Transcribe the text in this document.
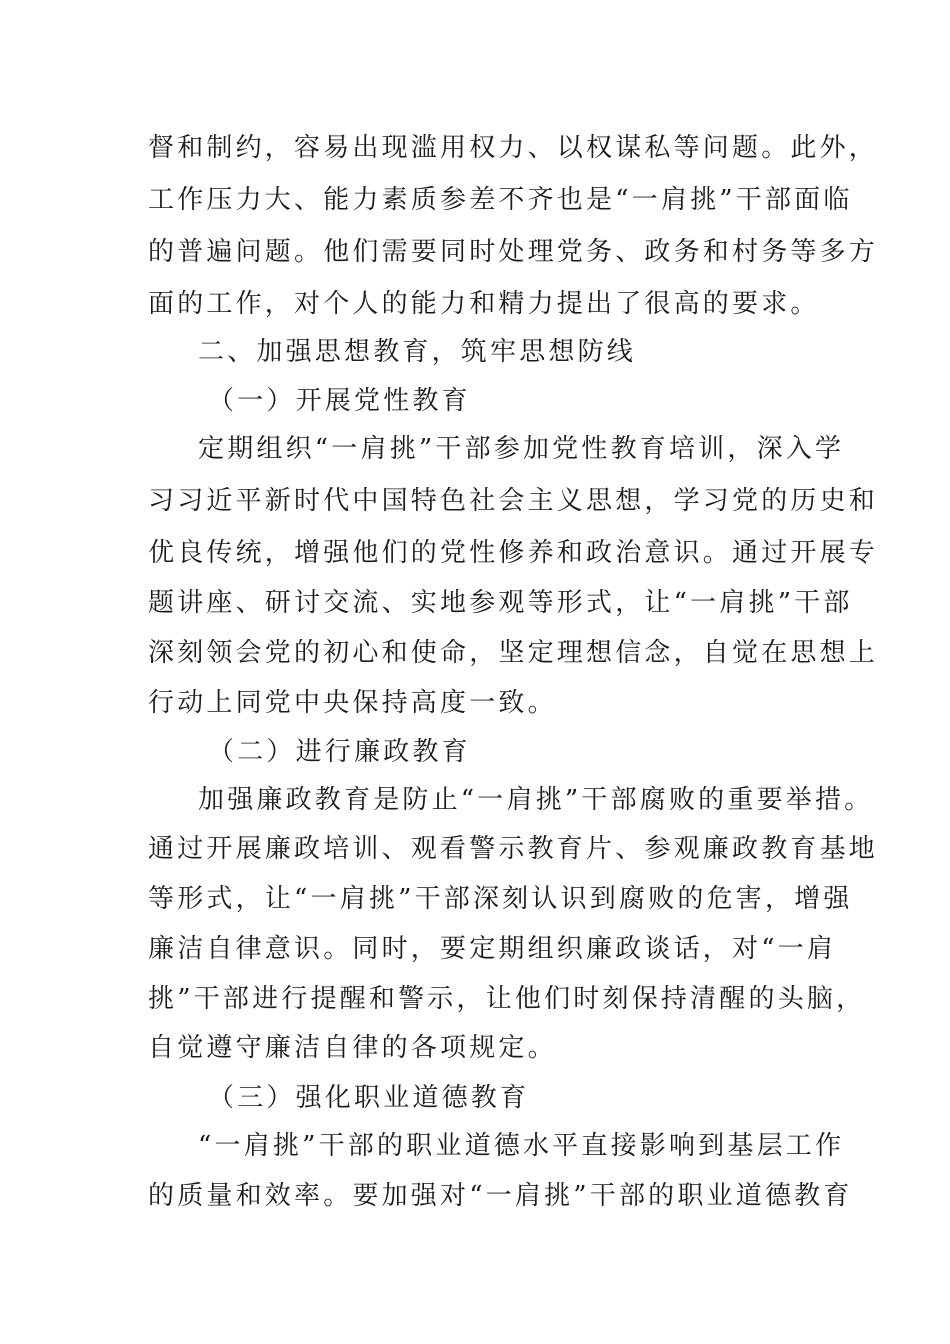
督和制约，容易出现滥用权力、以权谋私等问题。此外，
工作压力大、能力素质参差不齐也是“一肩挑”干部面临
的普遍问题。他们需要同时处理党务、政务和村务等多方
面的工作，对个人的能力和精力提出了很高的要求。
二、加强思想教育，筑牢思想防线
（一）开展党性教育
定期组织“一肩挑”干部参加党性教育培训，深入学
习习近平新时代中国特色社会主义思想，学习党的历史和
优良传统，增强他们的党性修养和政治意识。通过开展专
题讲座、研讨交流、实地参观等形式，让“一肩挑”干部
深刻领会党的初心和使命，坚定理想信念，自觉在思想上
行动上同党中央保持高度一致。
（二）进行廉政教育
加强廉政教育是防止“一肩挑”干部腐败的重要举措。
通过开展廉政培训、观看警示教育片、参观廉政教育基地
等形式，让“一肩挑”干部深刻认识到腐败的危害，增强
廉洁自律意识。同时，要定期组织廉政谈话，对“一肩
挑”干部进行提醒和警示，让他们时刻保持清醒的头脑，
自觉遵守廉洁自律的各项规定。
（三）强化职业道德教育
“一肩挑”干部的职业道德水平直接影响到基层工作
的质量和效率。要加强对“一肩挑”干部的职业道德教育
